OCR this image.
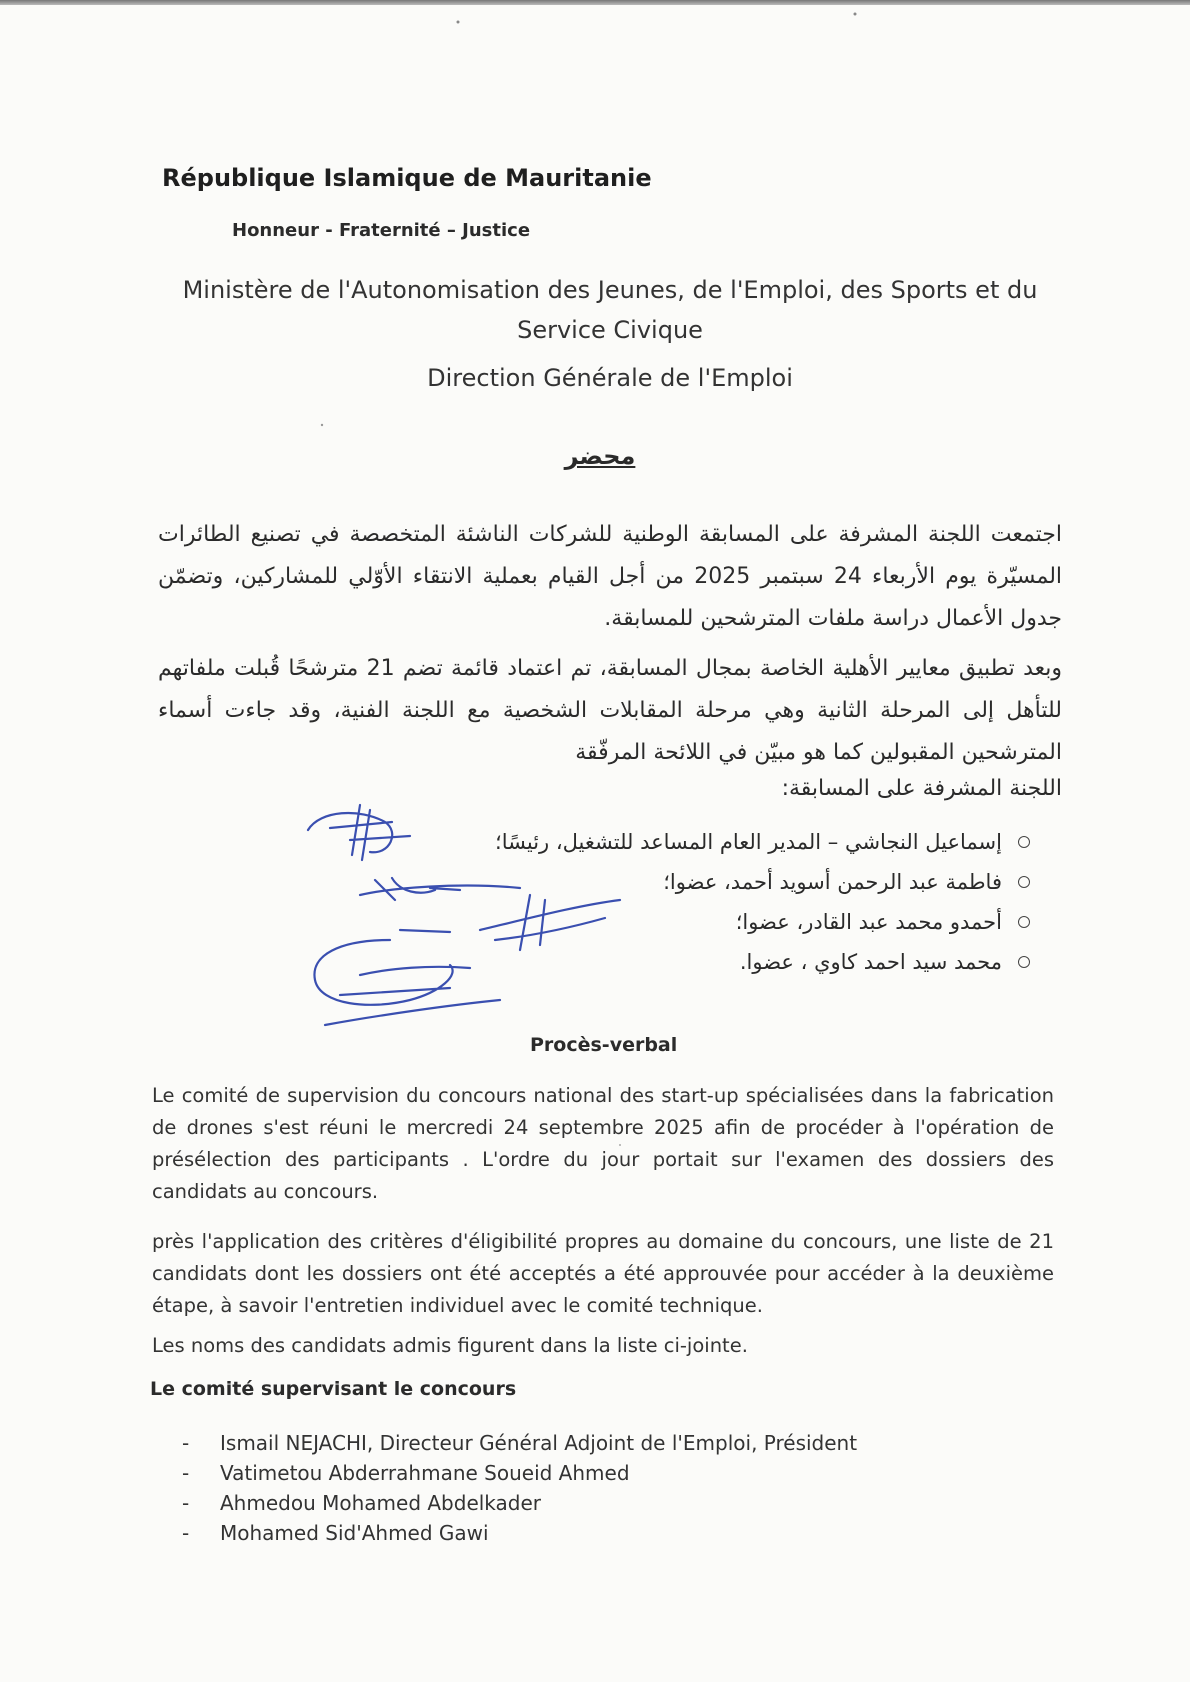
République Islamique de Mauritanie
Honneur - Fraternité – Justice
Ministère de l'Autonomisation des Jeunes, de l'Emploi, des Sports et du Service Civique
Direction Générale de l'Emploi
محضر
اجتمعت اللجنة المشرفة على المسابقة الوطنية للشركات الناشئة المتخصصة في تصنيع الطائرات المسيّرة يوم الأربعاء 24 سبتمبر 2025 من أجل القيام بعملية الانتقاء الأوّلي للمشاركين، وتضمّن جدول الأعمال دراسة ملفات المترشحين للمسابقة.
وبعد تطبيق معايير الأهلية الخاصة بمجال المسابقة، تم اعتماد قائمة تضم 21 مترشحًا قُبلت ملفاتهم للتأهل إلى المرحلة الثانية وهي مرحلة المقابلات الشخصية مع اللجنة الفنية، وقد جاءت أسماء المترشحين المقبولين كما هو مبيّن في اللائحة المرفّقة
اللجنة المشرفة على المسابقة:
إسماعيل النجاشي – المدير العام المساعد للتشغيل، رئيسًا؛
فاطمة عبد الرحمن أسويد أحمد، عضوا؛
أحمدو محمد عبد القادر، عضوا؛
محمد سيد احمد كاوي ، عضوا.
Procès-verbal
Le comité de supervision du concours national des start-up spécialisées dans la fabrication de drones s'est réuni le mercredi 24 septembre 2025 afin de procéder à l'opération de présélection des participants . L'ordre du jour portait sur l'examen des dossiers des candidats au concours.
près l'application des critères d'éligibilité propres au domaine du concours, une liste de 21 candidats dont les dossiers ont été acceptés a été approuvée pour accéder à la deuxième étape, à savoir l'entretien individuel avec le comité technique.
Les noms des candidats admis figurent dans la liste ci-jointe.
Le comité supervisant le concours
- Ismail NEJACHI, Directeur Général Adjoint de l'Emploi, Président
- Vatimetou Abderrahmane Soueid Ahmed
- Ahmedou Mohamed Abdelkader
- Mohamed Sid'Ahmed Gawi
